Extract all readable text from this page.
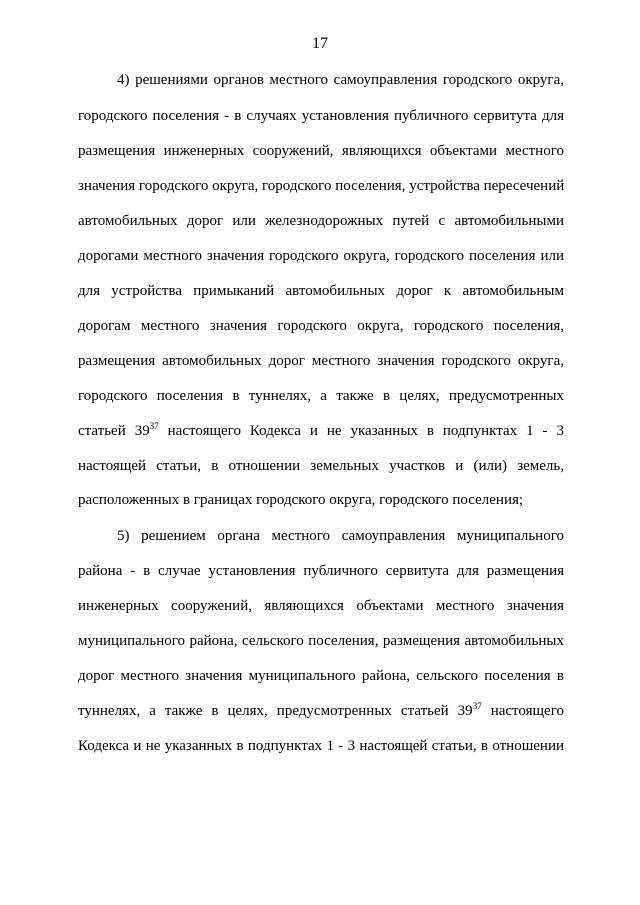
17
4) решениями органов местного самоуправления городского округа,
городского поселения - в случаях установления публичного сервитута для
размещения инженерных сооружений, являющихся объектами местного
значения городского округа, городского поселения, устройства пересечений
автомобильных дорог или железнодорожных путей с автомобильными
дорогами местного значения городского округа, городского поселения или
для устройства примыканий автомобильных дорог к автомобильным
дорогам местного значения городского округа, городского поселения,
размещения автомобильных дорог местного значения городского округа,
городского поселения в туннелях, а также в целях, предусмотренных
статьей $39^{37}$ настоящего Кодекса и не указанных в подпунктах 1 - 3
настоящей статьи, в отношении земельных участков и (или) земель,
расположенных в границах городского округа, городского поселения;
5) решением органа местного самоуправления муниципального
района - в случае установления публичного сервитута для размещения
инженерных сооружений, являющихся объектами местного значения
муниципального района, сельского поселения, размещения автомобильных
дорог местного значения муниципального района, сельского поселения в
туннелях, а также в целях, предусмотренных статьей $39^{37}$ настоящего
Кодекса и не указанных в подпунктах 1 - 3 настоящей статьи, в отношении
